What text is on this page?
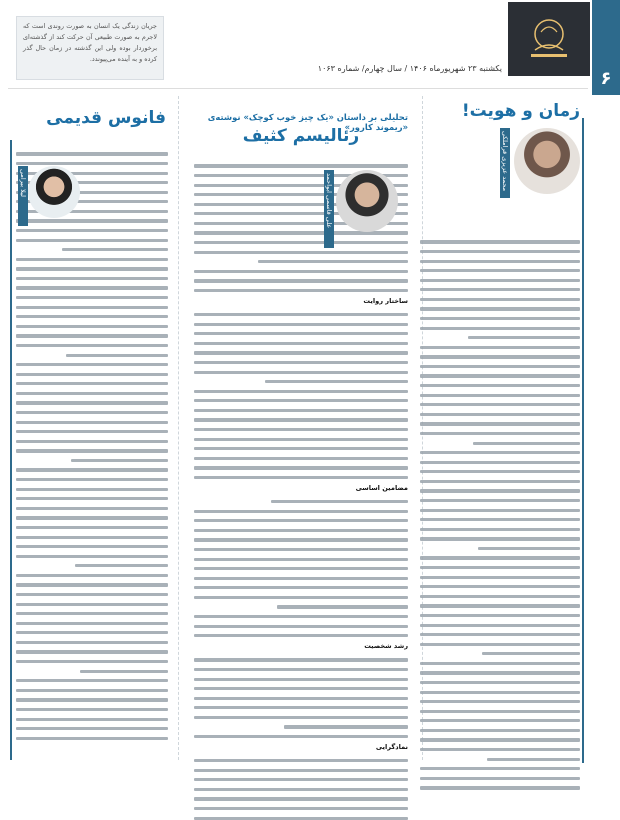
۶
یکشنبه ۲۳ شهریورماه ۱۴۰۶ / سال چهارم/ شماره ۱۰۶۳
جریان زندگی یک انسان به صورت روندی است که لاجرم به صورت طبیعی آن حرکت کند از گذشته‌ای برخوردار بوده ولی این گذشته در زمان حال گذر کرده و به آینده می‌پیوندد.
زمان و هویت!
محمد عزیزی قراملکی
تحلیلی بر داستان «یک چیز خوب کوچک» نوشته‌ی «ریموند کارور»
رئالیسم کثیف
ساختار روایت
مضامین اساسی
رشد شخصیت
نمادگرایی
علی قاسمی ابواحمد
فانوس قدیمی
لیلا بیرامی
